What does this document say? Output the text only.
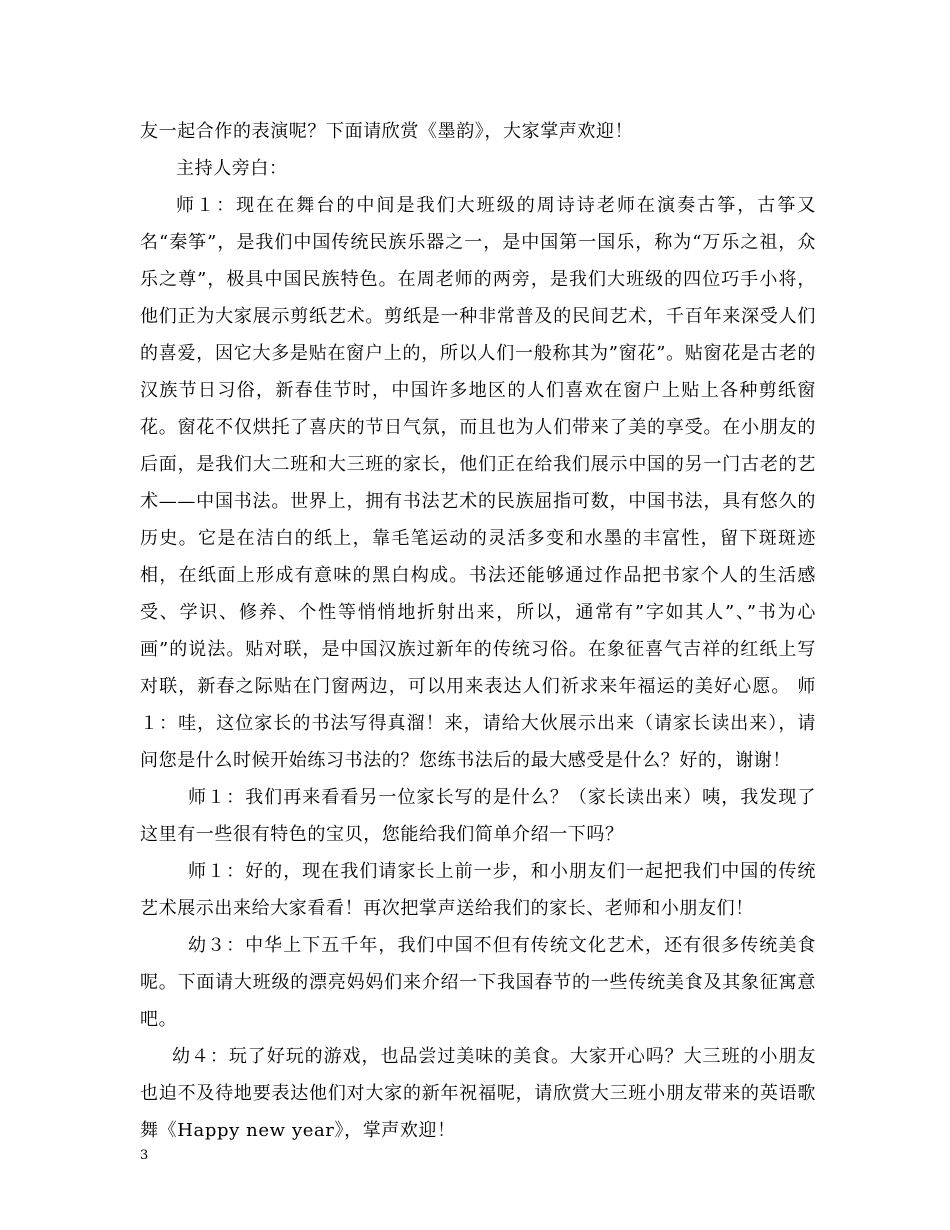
友一起合作的表演呢？下面请欣赏《墨韵》，大家掌声欢迎！

主持人旁白：

师１：现在在舞台的中间是我们大班级的周诗诗老师在演奏古筝，古筝又名“秦筝”，是我们中国传统民族乐器之一，是中国第一国乐，称为“万乐之祖，众乐之尊”，极具中国民族特色。在周老师的两旁，是我们大班级的四位巧手小将，他们正为大家展示剪纸艺术。剪纸是一种非常普及的民间艺术，千百年来深受人们的喜爱，因它大多是贴在窗户上的，所以人们一般称其为”窗花”。贴窗花是古老的汉族节日习俗，新春佳节时，中国许多地区的人们喜欢在窗户上贴上各种剪纸窗花。窗花不仅烘托了喜庆的节日气氛，而且也为人们带来了美的享受。在小朋友的后面，是我们大二班和大三班的家长，他们正在给我们展示中国的另一门古老的艺术——中国书法。世界上，拥有书法艺术的民族屈指可数，中国书法，具有悠久的历史。它是在洁白的纸上，靠毛笔运动的灵活多变和水墨的丰富性，留下斑斑迹相，在纸面上形成有意味的黑白构成。书法还能够通过作品把书家个人的生活感受、学识、修养、个性等悄悄地折射出来，所以，通常有”字如其人”、”书为心画”的说法。贴对联，是中国汉族过新年的传统习俗。在象征喜气吉祥的红纸上写对联，新春之际贴在门窗两边，可以用来表达人们祈求来年福运的美好心愿。 师１：哇，这位家长的书法写得真溜！来，请给大伙展示出来（请家长读出来），请问您是什么时候开始练习书法的？您练书法后的最大感受是什么？好的，谢谢！

师１：我们再来看看另一位家长写的是什么？（家长读出来）咦，我发现了这里有一些很有特色的宝贝，您能给我们简单介绍一下吗？

师１：好的，现在我们请家长上前一步，和小朋友们一起把我们中国的传统艺术展示出来给大家看看！再次把掌声送给我们的家长、老师和小朋友们！

幼３：中华上下五千年，我们中国不但有传统文化艺术，还有很多传统美食呢。下面请大班级的漂亮妈妈们来介绍一下我国春节的一些传统美食及其象征寓意吧。

幼４：玩了好玩的游戏，也品尝过美味的美食。大家开心吗？大三班的小朋友也迫不及待地要表达他们对大家的新年祝福呢，请欣赏大三班小朋友带来的英语歌舞《Happy new year》，掌声欢迎！

3
